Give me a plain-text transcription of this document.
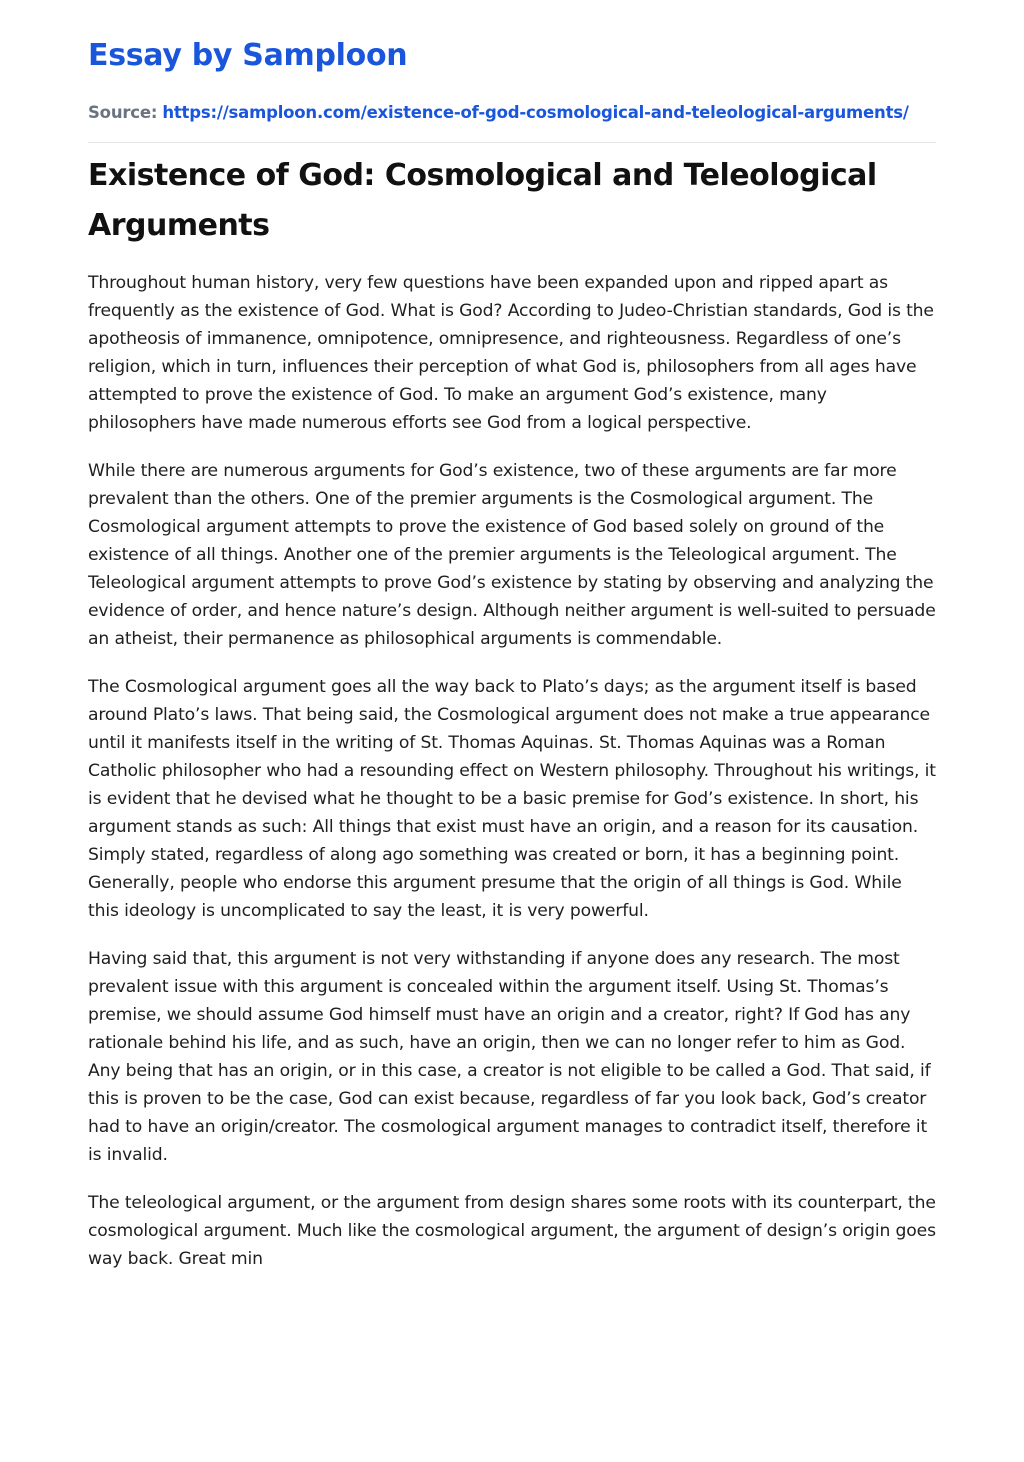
Essay by Samploon
Source: https://samploon.com/existence-of-god-cosmological-and-teleological-arguments/
Existence of God: Cosmological and Teleological Arguments

Throughout human history, very few questions have been expanded upon and ripped apart as frequently as the existence of God. What is God? According to Judeo-Christian standards, God is the apotheosis of immanence, omnipotence, omnipresence, and righteousness. Regardless of one’s religion, which in turn, influences their perception of what God is, philosophers from all ages have attempted to prove the existence of God. To make an argument God’s existence, many philosophers have made numerous efforts see God from a logical perspective.

While there are numerous arguments for God’s existence, two of these arguments are far more prevalent than the others. One of the premier arguments is the Cosmological argument. The Cosmological argument attempts to prove the existence of God based solely on ground of the existence of all things. Another one of the premier arguments is the Teleological argument. The Teleological argument attempts to prove God’s existence by stating by observing and analyzing the evidence of order, and hence nature’s design. Although neither argument is well-suited to persuade an atheist, their permanence as philosophical arguments is commendable.

The Cosmological argument goes all the way back to Plato’s days; as the argument itself is based around Plato’s laws. That being said, the Cosmological argument does not make a true appearance until it manifests itself in the writing of St. Thomas Aquinas. St. Thomas Aquinas was a Roman Catholic philosopher who had a resounding effect on Western philosophy. Throughout his writings, it is evident that he devised what he thought to be a basic premise for God’s existence. In short, his argument stands as such: All things that exist must have an origin, and a reason for its causation. Simply stated, regardless of along ago something was created or born, it has a beginning point. Generally, people who endorse this argument presume that the origin of all things is God. While this ideology is uncomplicated to say the least, it is very powerful.

Having said that, this argument is not very withstanding if anyone does any research. The most prevalent issue with this argument is concealed within the argument itself. Using St. Thomas’s premise, we should assume God himself must have an origin and a creator, right? If God has any rationale behind his life, and as such, have an origin, then we can no longer refer to him as God. Any being that has an origin, or in this case, a creator is not eligible to be called a God. That said, if this is proven to be the case, God can exist because, regardless of far you look back, God’s creator had to have an origin/creator. The cosmological argument manages to contradict itself, therefore it is invalid.

The teleological argument, or the argument from design shares some roots with its counterpart, the cosmological argument. Much like the cosmological argument, the argument of design’s origin goes way back. Great min
